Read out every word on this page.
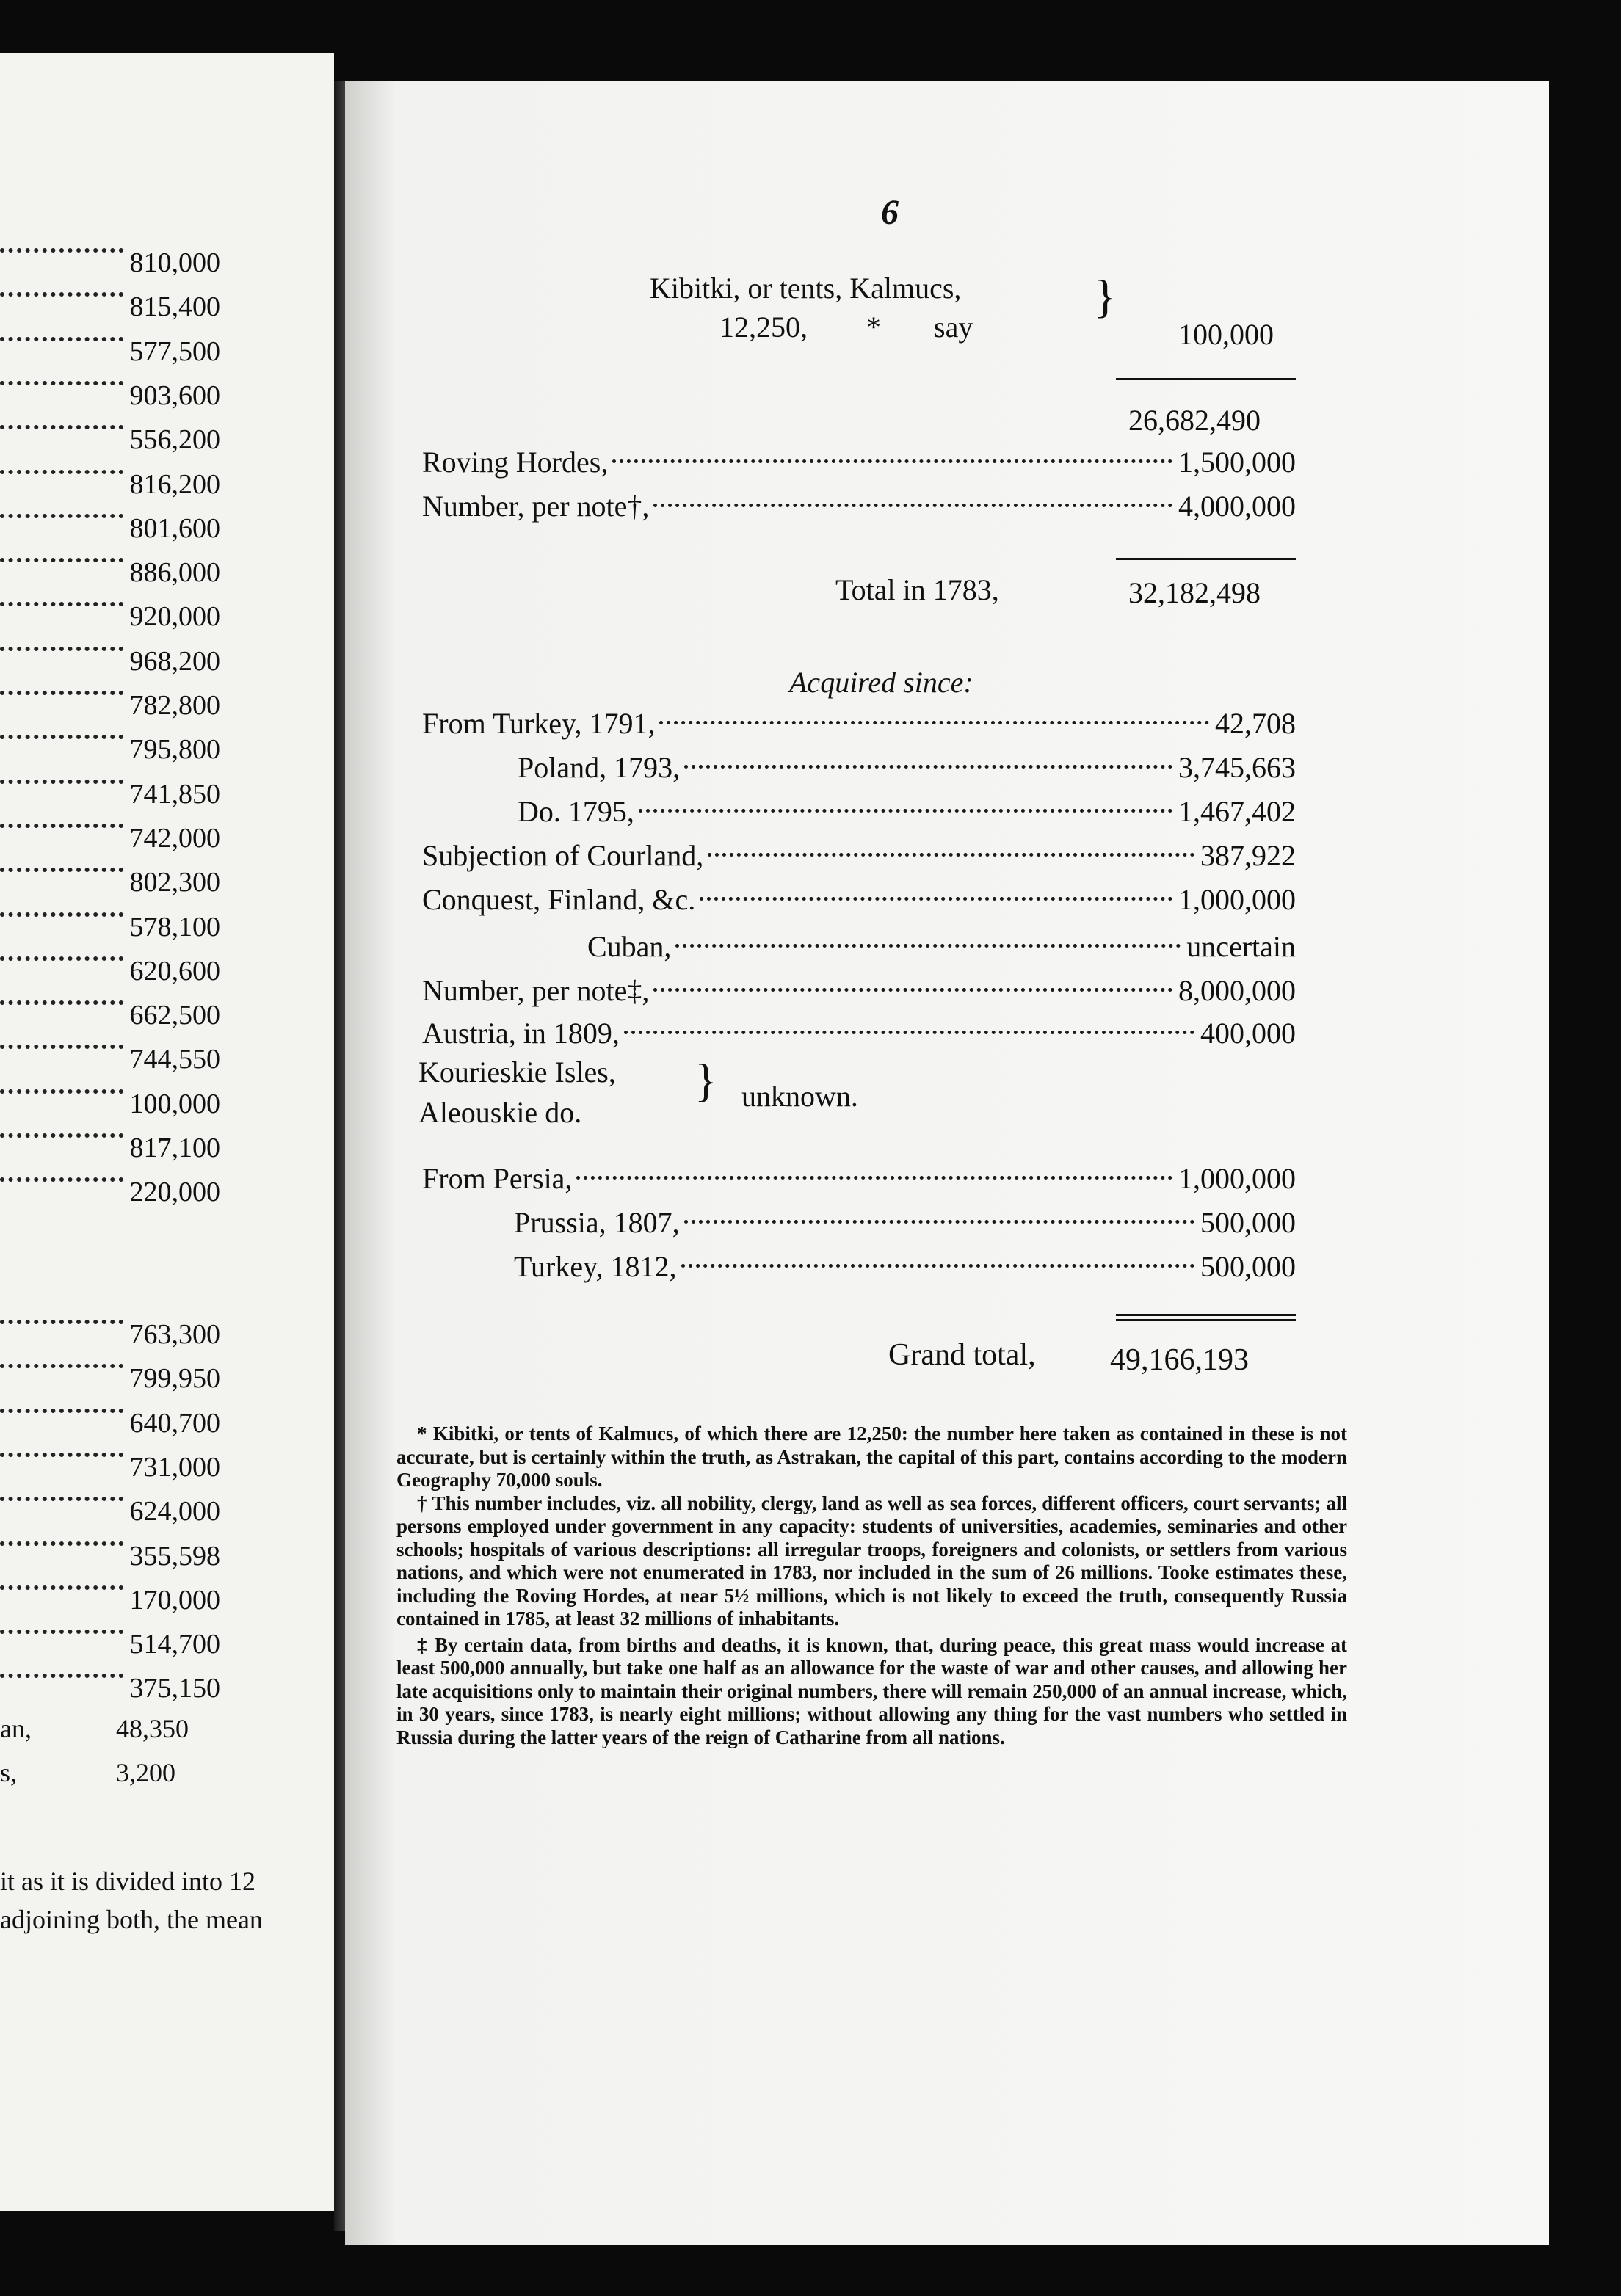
810,000
815,400
577,500
903,600
556,200
816,200
801,600
886,000
920,000
968,200
782,800
795,800
741,850
742,000
802,300
578,100
620,600
662,500
744,550
100,000
817,100
220,000
763,300
799,950
640,700
731,000
624,000
355,598
170,000
514,700
375,150
an,	48,350
s,	3,200
it as it is divided into 12
adjoining both, the mean
6
Kibitki, or tents, Kalmucs,
12,250, * say
}
100,000
26,682,490
Roving Hordes,	1,500,000
Number, per note†,	4,000,000
Total in 1783,	32,182,498
Acquired since:
From Turkey, 1791,	42,708
Poland, 1793,	3,745,663
Do. 1795,	1,467,402
Subjection of Courland,	387,922
Conquest, Finland, &c.	1,000,000
Cuban,	uncertain
Number, per note‡,	8,000,000
Austria, in 1809,	400,000
Kourieskie Isles,
Aleouskie do.
} unknown.
From Persia,	1,000,000
Prussia, 1807,	500,000
Turkey, 1812,	500,000
Grand total, 49,166,193

* Kibitki, or tents of Kalmucs, of which there are 12,250: the number here taken as contained in these is not accurate, but is certainly within the truth, as Astrakan, the capital of this part, contains according to the modern Geography 70,000 souls.

† This number includes, viz. all nobility, clergy, land as well as sea forces, different officers, court servants; all persons employed under government in any capacity: students of universities, academies, seminaries and other schools; hospitals of various descriptions: all irregular troops, foreigners and colonists, or settlers from various nations, and which were not enumerated in 1783, nor included in the sum of 26 millions. Tooke estimates these, including the Roving Hordes, at near 5½ millions, which is not likely to exceed the truth, consequently Russia contained in 1785, at least 32 millions of inhabitants.

‡ By certain data, from births and deaths, it is known, that, during peace, this great mass would increase at least 500,000 annually, but take one half as an allowance for the waste of war and other causes, and allowing her late acquisitions only to maintain their original numbers, there will remain 250,000 of an annual increase, which, in 30 years, since 1783, is nearly eight millions; without allowing any thing for the vast numbers who settled in Russia during the latter years of the reign of Catharine from all nations.
